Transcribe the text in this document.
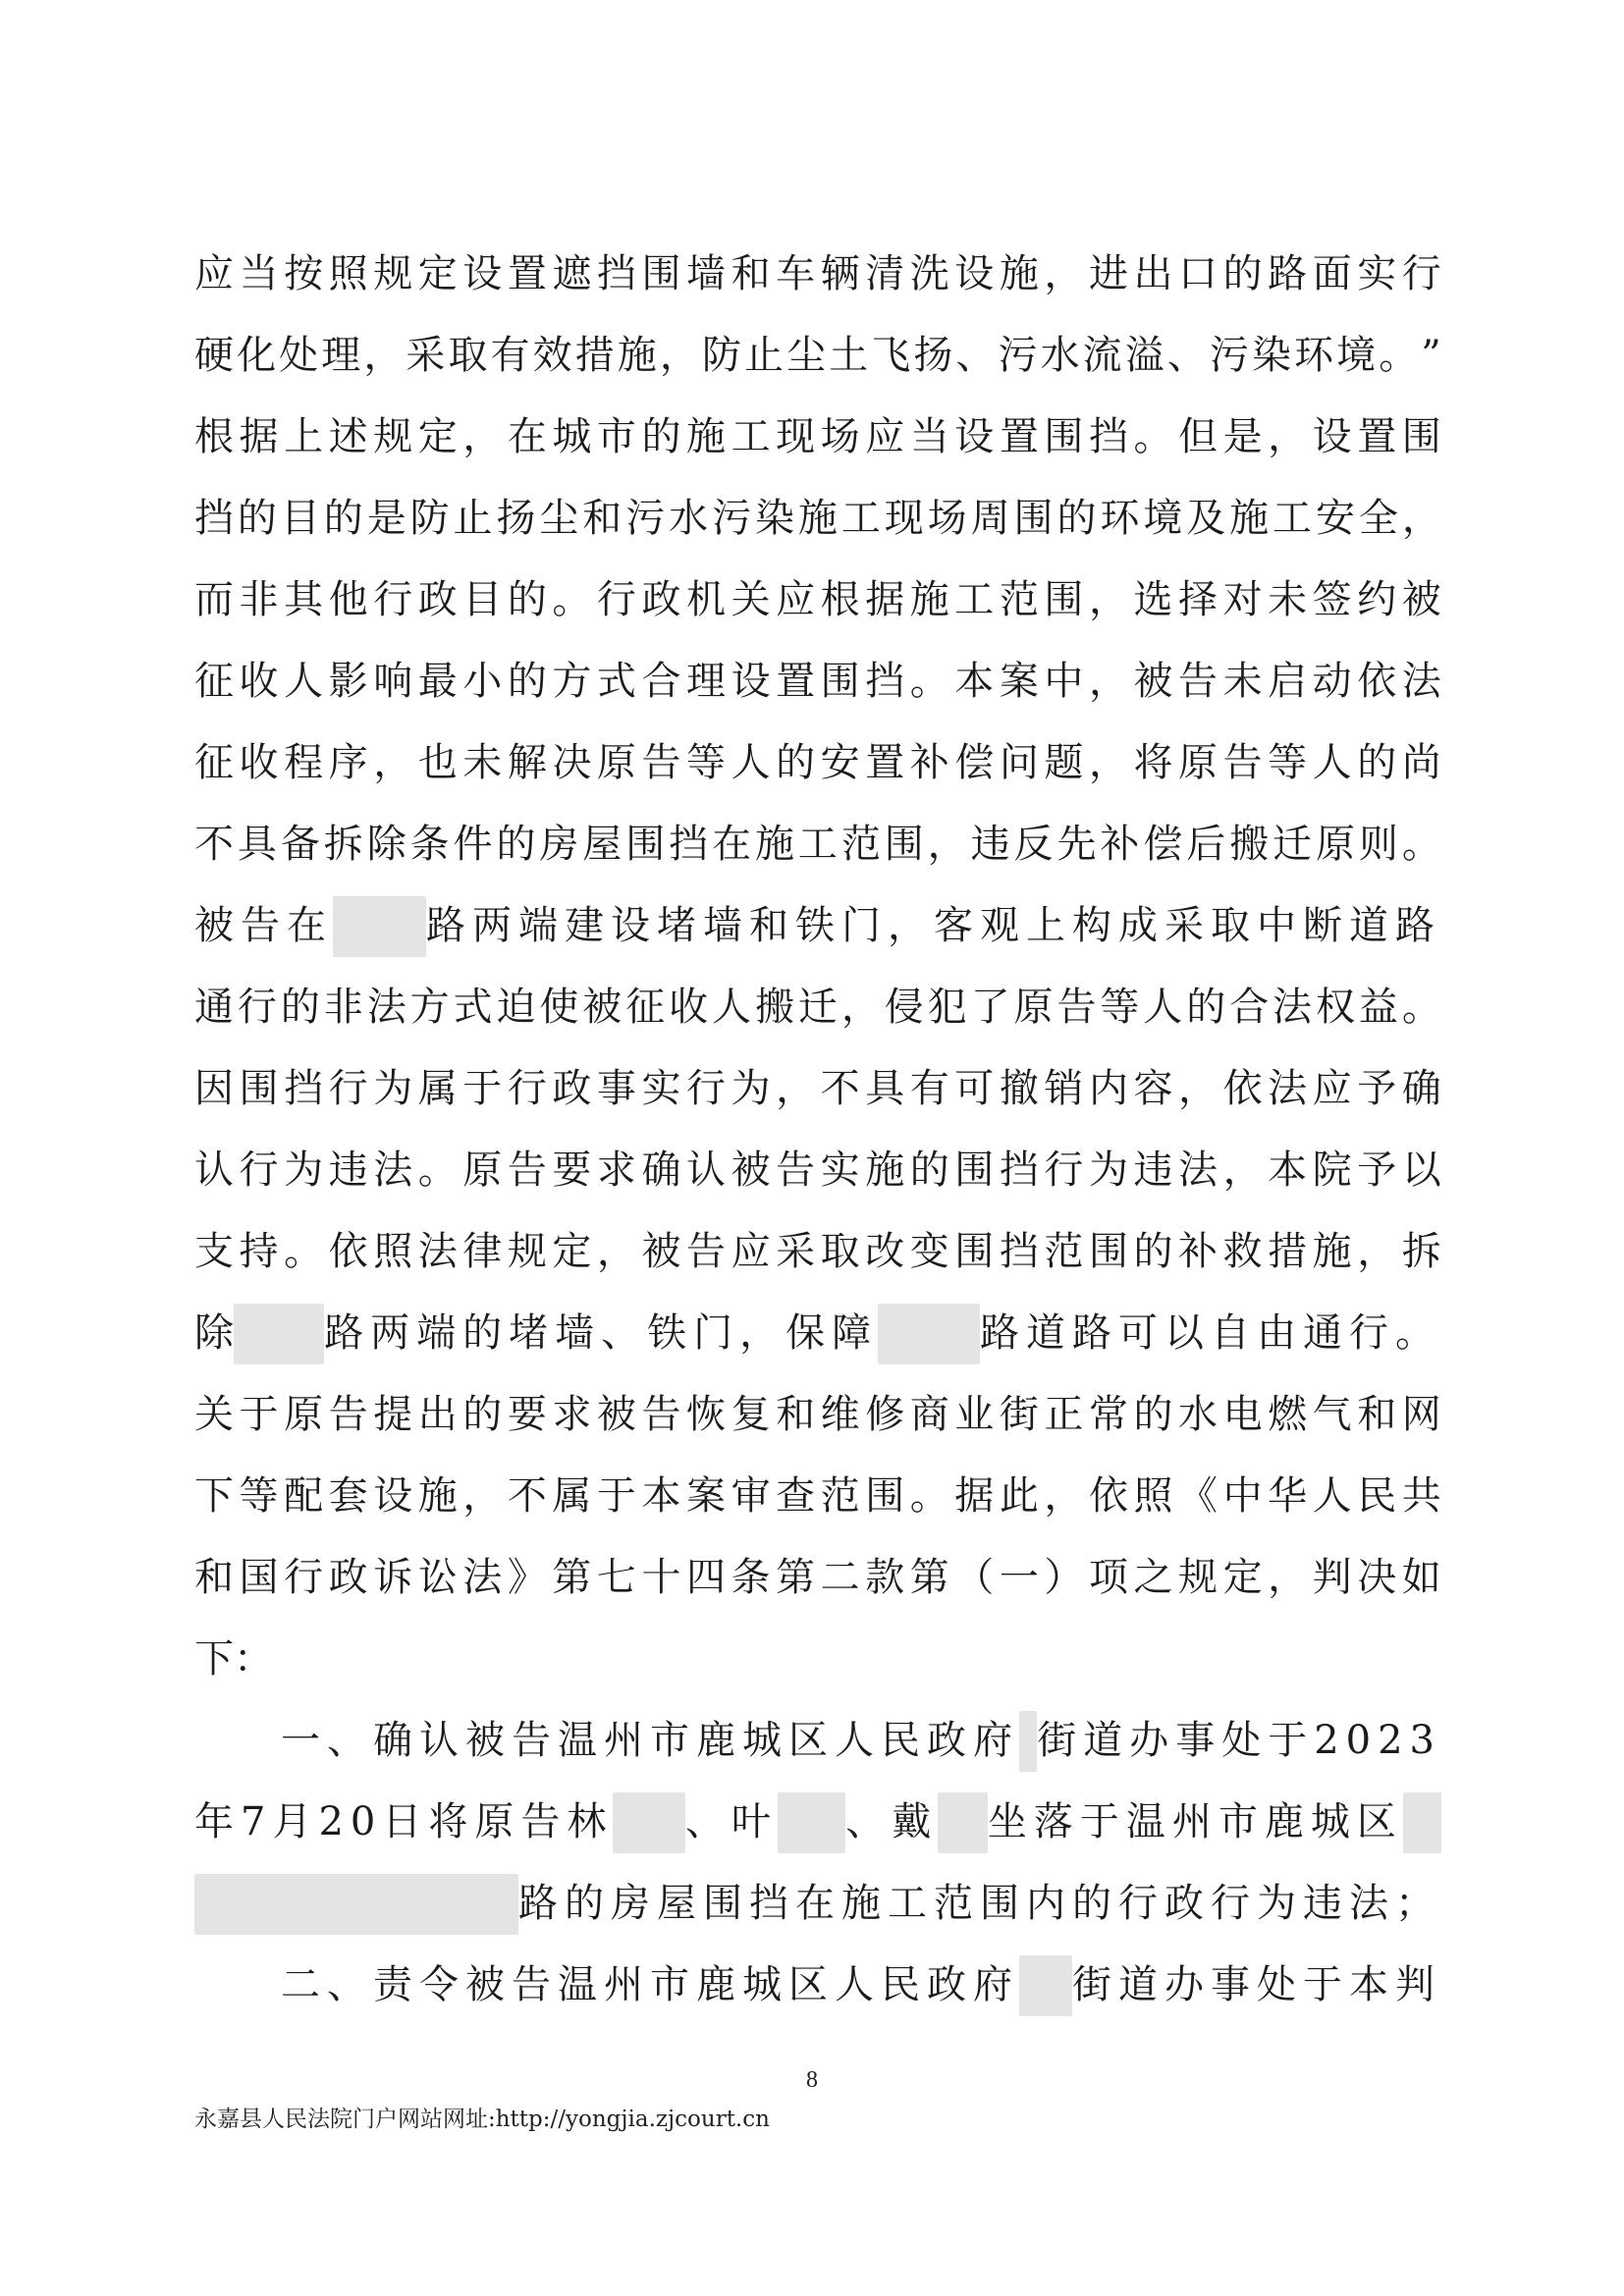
应 当 按 照 规 定 设 置 遮 挡 围 墙 和 车 辆 清 洗 设 施 ， 进 出 口 的 路 面 实 行
硬 化 处 理 ， 采 取 有 效 措 施 ， 防 止 尘 土 飞 扬 、 污 水 流 溢 、 污 染 环 境 。 ”
根 据 上 述 规 定 ， 在 城 市 的 施 工 现 场 应 当 设 置 围 挡 。 但 是 ， 设 置 围
挡 的 目 的 是 防 止 扬 尘 和 污 水 污 染 施 工 现 场 周 围 的 环 境 及 施 工 安 全 ，
而 非 其 他 行 政 目 的 。 行 政 机 关 应 根 据 施 工 范 围 ， 选 择 对 未 签 约 被
征 收 人 影 响 最 小 的 方 式 合 理 设 置 围 挡 。 本 案 中 ， 被 告 未 启 动 依 法
征 收 程 序 ， 也 未 解 决 原 告 等 人 的 安 置 补 偿 问 题 ， 将 原 告 等 人 的 尚
不 具 备 拆 除 条 件 的 房 屋 围 挡 在 施 工 范 围 ， 违 反 先 补 偿 后 搬 迁 原 则 。
被告在 路两端建设堵墙和铁门，客观上构成采取中断道路
通 行 的 非 法 方 式 迫 使 被 征 收 人 搬 迁 ， 侵 犯 了 原 告 等 人 的 合 法 权 益 。
因 围 挡 行 为 属 于 行 政 事 实 行 为 ， 不 具 有 可 撤 销 内 容 ， 依 法 应 予 确
认 行 为 违 法 。 原 告 要 求 确 认 被 告 实 施 的 围 挡 行 为 违 法 ， 本 院 予 以
支 持 。 依 照 法 律 规 定 ， 被 告 应 采 取 改 变 围 挡 范 围 的 补 救 措 施 ， 拆
除 路两端的堵墙、铁门，保障	路道路可以自由通行。
关 于 原 告 提 出 的 要 求 被 告 恢 复 和 维 修 商 业 街 正 常 的 水 电 燃 气 和 网
下 等 配 套 设 施 ， 不 属 于 本 案 审 查 范 围 。 据 此 ， 依 照 《 中 华 人 民 共
和 国 行 政 诉 讼 法 》 第 七 十 四 条 第 二 款 第 （ 一 ） 项 之 规 定 ， 判 决 如
下：
一、确认被告温州市鹿城区人民政府 街道办事处于2023
年7月20日将原告林 、叶 、戴 坐落于温州市鹿城区
路的房屋围挡在施工范围内的行政行为违法；
二、责令被告温州市鹿城区人民政府 街道办事处于本判
8
永嘉县人民法院门户网站网址:http://yongjia.zjcourt.cn
